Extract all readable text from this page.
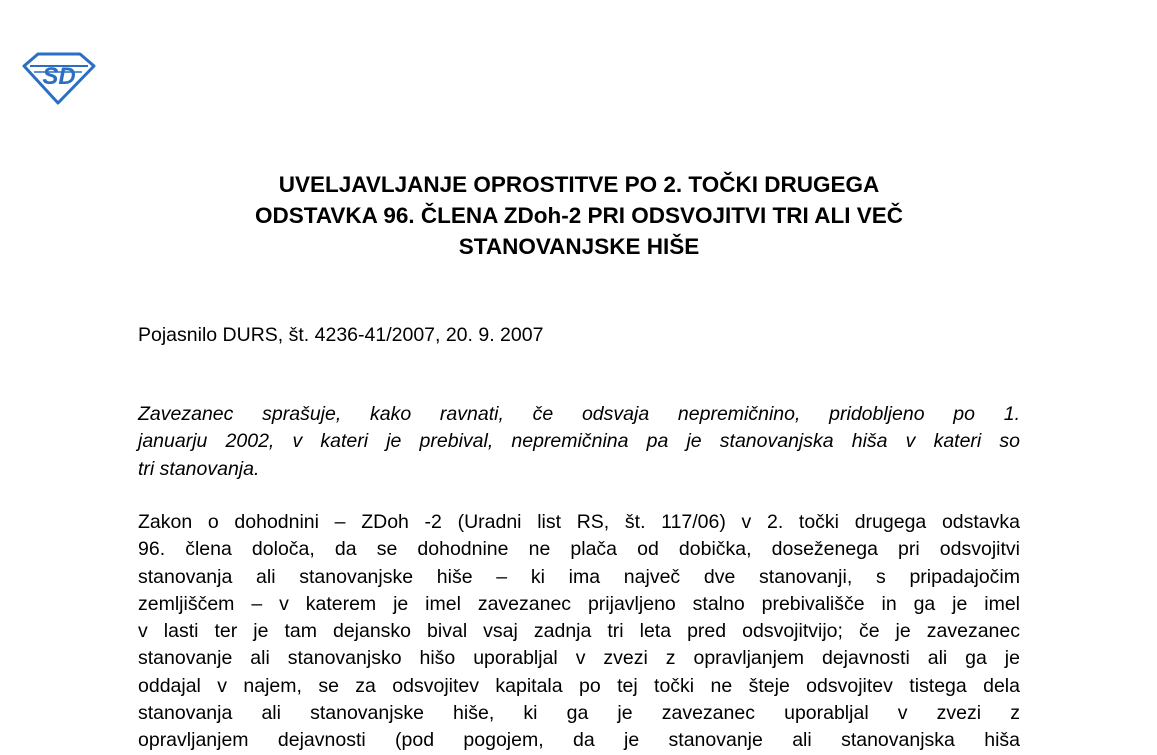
SD
UVELJAVLJANJE OPROSTITVE PO 2. TOČKI DRUGEGA
ODSTAVKA 96. ČLENA ZDoh-2 PRI ODSVOJITVI TRI ALI VEČ
STANOVANJSKE HIŠE

Pojasnilo DURS, št. 4236-41/2007, 20. 9. 2007

Zavezanec sprašuje, kako ravnati, če odsvaja nepremičnino, pridobljeno po 1.
januarju 2002, v kateri je prebival, nepremičnina pa je stanovanjska hiša v kateri so
tri stanovanja.
Zakon o dohodnini – ZDoh -2 (Uradni list RS, št. 117/06) v 2. točki drugega odstavka
96. člena določa, da se dohodnine ne plača od dobička, doseženega pri odsvojitvi
stanovanja ali stanovanjske hiše – ki ima največ dve stanovanji, s pripadajočim
zemljiščem – v katerem je imel zavezanec prijavljeno stalno prebivališče in ga je imel
v lasti ter je tam dejansko bival vsaj zadnja tri leta pred odsvojitvijo; če je zavezanec
stanovanje ali stanovanjsko hišo uporabljal v zvezi z opravljanjem dejavnosti ali ga je
oddajal v najem, se za odsvojitev kapitala po tej točki ne šteje odsvojitev tistega dela
stanovanja ali stanovanjske hiše, ki ga je zavezanec uporabljal v zvezi z
opravljanjem dejavnosti (pod pogojem, da je stanovanje ali stanovanjska hiša
